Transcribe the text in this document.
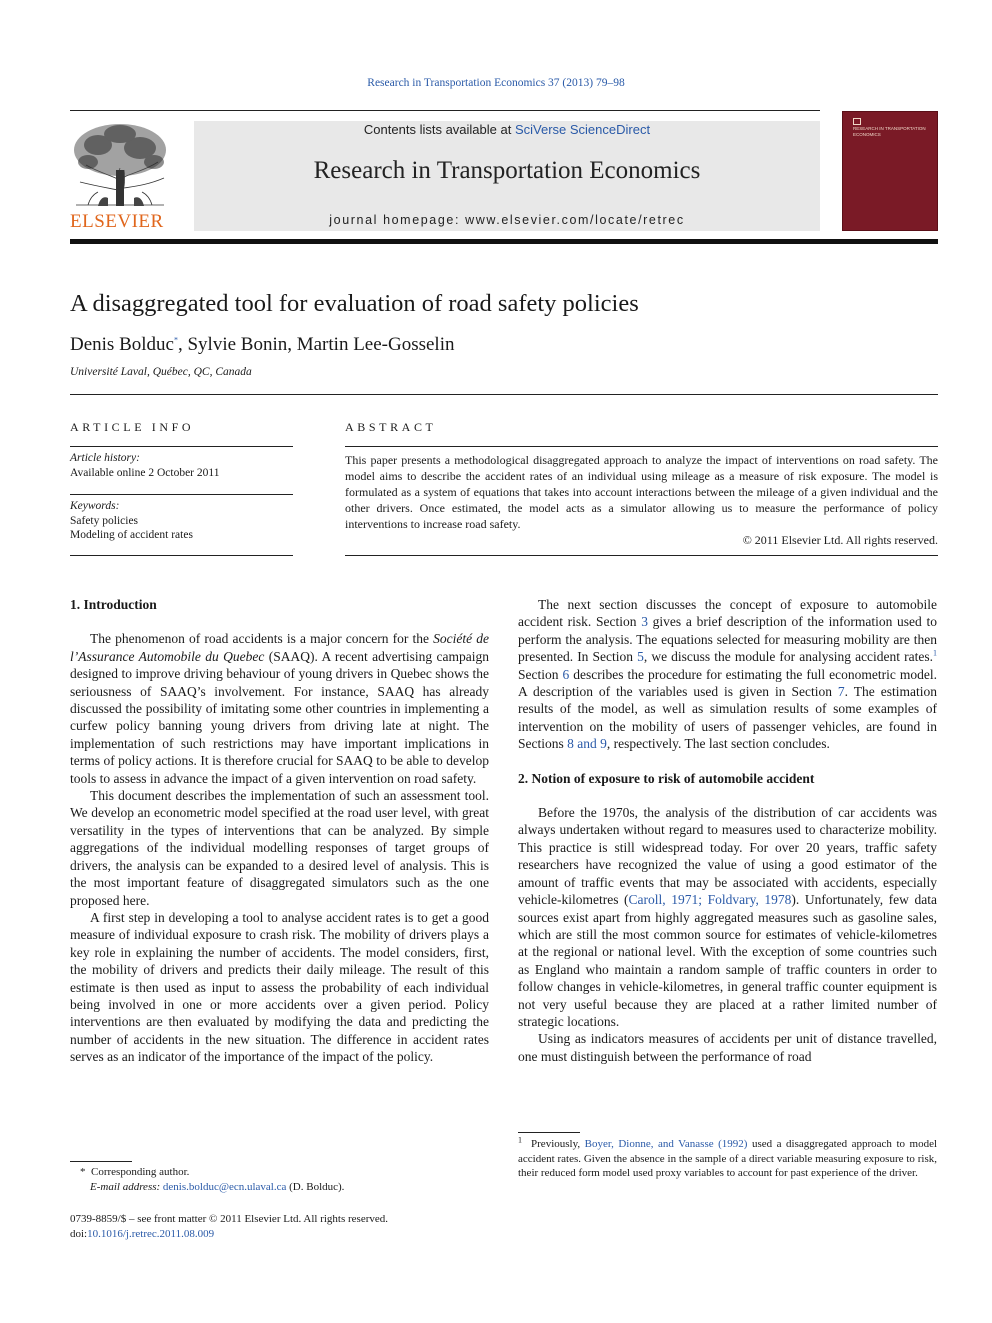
Research in Transportation Economics 37 (2013) 79–98
ELSEVIER
Contents lists available at SciVerse ScienceDirect
Research in Transportation Economics
journal homepage: www.elsevier.com/locate/retrec
RESEARCH IN TRANSPORTATION ECONOMICS
A disaggregated tool for evaluation of road safety policies
Denis Bolduc*, Sylvie Bonin, Martin Lee-Gosselin
Université Laval, Québec, QC, Canada
ARTICLE INFO	ABSTRACT
Article history:
Available online 2 October 2011
Keywords:
Safety policies
Modeling of accident rates
This paper presents a methodological disaggregated approach to analyze the impact of interventions on road safety. The model aims to describe the accident rates of an individual using mileage as a measure of risk exposure. The model is formulated as a system of equations that takes into account interactions between the mileage of a given individual and the other drivers. Once estimated, the model acts as a simulator allowing us to measure the performance of policy interventions to increase road safety.
© 2011 Elsevier Ltd. All rights reserved.
1. Introduction
The phenomenon of road accidents is a major concern for the Société de l’Assurance Automobile du Quebec (SAAQ). A recent advertising campaign designed to improve driving behaviour of young drivers in Quebec shows the seriousness of SAAQ’s involvement. For instance, SAAQ has already discussed the possibility of imitating some other countries in implementing a curfew policy banning young drivers from driving late at night. The implementation of such restrictions may have important implications in terms of policy actions. It is therefore crucial for SAAQ to be able to develop tools to assess in advance the impact of a given intervention on road safety.
This document describes the implementation of such an assessment tool. We develop an econometric model specified at the road user level, with great versatility in the types of interventions that can be analyzed. By simple aggregations of the individual modelling responses of target groups of drivers, the analysis can be expanded to a desired level of analysis. This is the most important feature of disaggregated simulators such as the one proposed here.
A first step in developing a tool to analyse accident rates is to get a good measure of individual exposure to crash risk. The mobility of drivers plays a key role in explaining the number of accidents. The model considers, first, the mobility of drivers and predicts their daily mileage. The result of this estimate is then used as input to assess the probability of each individual being involved in one or more accidents over a given period. Policy interventions are then evaluated by modifying the data and predicting the number of accidents in the new situation. The difference in accident rates serves as an indicator of the importance of the impact of the policy.
The next section discusses the concept of exposure to automobile accident risk. Section 3 gives a brief description of the information used to perform the analysis. The equations selected for measuring mobility are then presented. In Section 5, we discuss the module for analysing accident rates.$^1$ Section 6 describes the procedure for estimating the full econometric model. A description of the variables used is given in Section 7. The estimation results of the model, as well as simulation results of some examples of intervention on the mobility of users of passenger vehicles, are found in Sections 8 and 9, respectively. The last section concludes.
2. Notion of exposure to risk of automobile accident
Before the 1970s, the analysis of the distribution of car accidents was always undertaken without regard to measures used to characterize mobility. This practice is still widespread today. For over 20 years, traffic safety researchers have recognized the value of using a good estimator of the amount of traffic events that may be associated with accidents, especially vehicle-kilometres (Caroll, 1971; Foldvary, 1978). Unfortunately, few data sources exist apart from highly aggregated measures such as gasoline sales, which are still the most common source for estimates of vehicle-kilometres at the regional or national level. With the exception of some countries such as England who maintain a random sample of traffic counters in order to follow changes in vehicle-kilometres, in general traffic counter equipment is not very useful because they are placed at a rather limited number of strategic locations.
Using as indicators measures of accidents per unit of distance travelled, one must distinguish between the performance of road
$^1$ Previously, Boyer, Dionne, and Vanasse (1992) used a disaggregated approach to model accident rates. Given the absence in the sample of a direct variable measuring exposure to risk, their reduced form model used proxy variables to account for past experience of the driver.
* Corresponding author.
E-mail address: denis.bolduc@ecn.ulaval.ca (D. Bolduc).
0739-8859/$ – see front matter © 2011 Elsevier Ltd. All rights reserved.
doi:10.1016/j.retrec.2011.08.009
